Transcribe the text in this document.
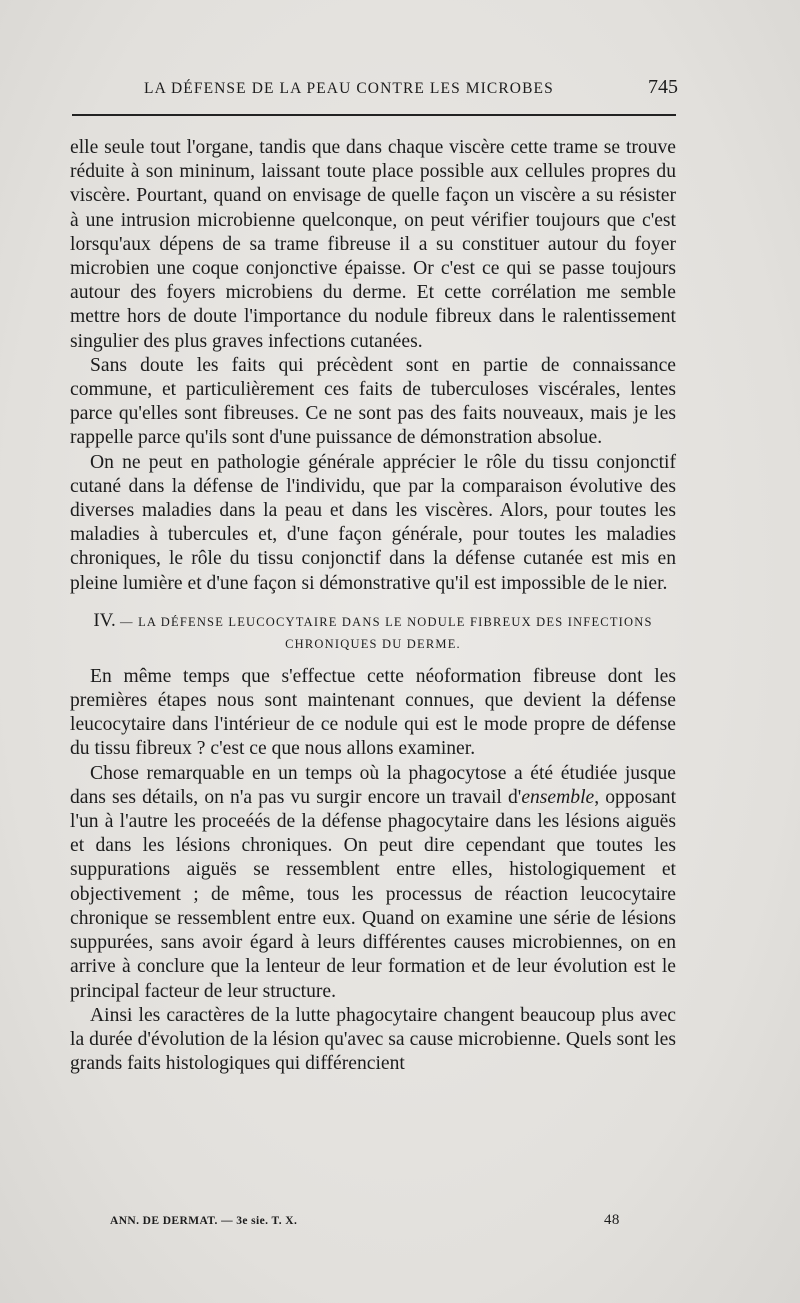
LA DÉFENSE DE LA PEAU CONTRE LES MICROBES	745

elle seule tout l'organe, tandis que dans chaque viscère cette trame se trouve réduite à son mininum, laissant toute place possible aux cellules propres du viscère. Pourtant, quand on envisage de quelle façon un viscère a su résister à une intrusion microbienne quelconque, on peut vérifier toujours que c'est lorsqu'aux dépens de sa trame fibreuse il a su constituer autour du foyer microbien une coque conjonctive épaisse. Or c'est ce qui se passe toujours autour des foyers microbiens du derme. Et cette corrélation me semble mettre hors de doute l'importance du nodule fibreux dans le ralentissement singulier des plus graves infections cutanées.

Sans doute les faits qui précèdent sont en partie de connaissance commune, et particulièrement ces faits de tuberculoses viscérales, lentes parce qu'elles sont fibreuses. Ce ne sont pas des faits nouveaux, mais je les rappelle parce qu'ils sont d'une puissance de démonstration absolue.

On ne peut en pathologie générale apprécier le rôle du tissu conjonctif cutané dans la défense de l'individu, que par la comparaison évolutive des diverses maladies dans la peau et dans les viscères. Alors, pour toutes les maladies à tubercules et, d'une façon générale, pour toutes les maladies chroniques, le rôle du tissu conjonctif dans la défense cutanée est mis en pleine lumière et d'une façon si démonstrative qu'il est impossible de le nier.

IV. — LA DÉFENSE LEUCOCYTAIRE DANS LE NODULE FIBREUX DES INFECTIONS CHRONIQUES DU DERME.

En même temps que s'effectue cette néoformation fibreuse dont les premières étapes nous sont maintenant connues, que devient la défense leucocytaire dans l'intérieur de ce nodule qui est le mode propre de défense du tissu fibreux ? c'est ce que nous allons examiner.

Chose remarquable en un temps où la phagocytose a été étudiée jusque dans ses détails, on n'a pas vu surgir encore un travail d'ensemble, opposant l'un à l'autre les proceéés de la défense phagocytaire dans les lésions aiguës et dans les lésions chroniques. On peut dire cependant que toutes les suppurations aiguës se ressemblent entre elles, histologiquement et objectivement ; de même, tous les processus de réaction leucocytaire chronique se ressemblent entre eux. Quand on examine une série de lésions suppurées, sans avoir égard à leurs différentes causes microbiennes, on en arrive à conclure que la lenteur de leur formation et de leur évolution est le principal facteur de leur structure.

Ainsi les caractères de la lutte phagocytaire changent beaucoup plus avec la durée d'évolution de la lésion qu'avec sa cause microbienne. Quels sont les grands faits histologiques qui différencient

ANN. DE DERMAT. — 3e sie. T. X.	48
